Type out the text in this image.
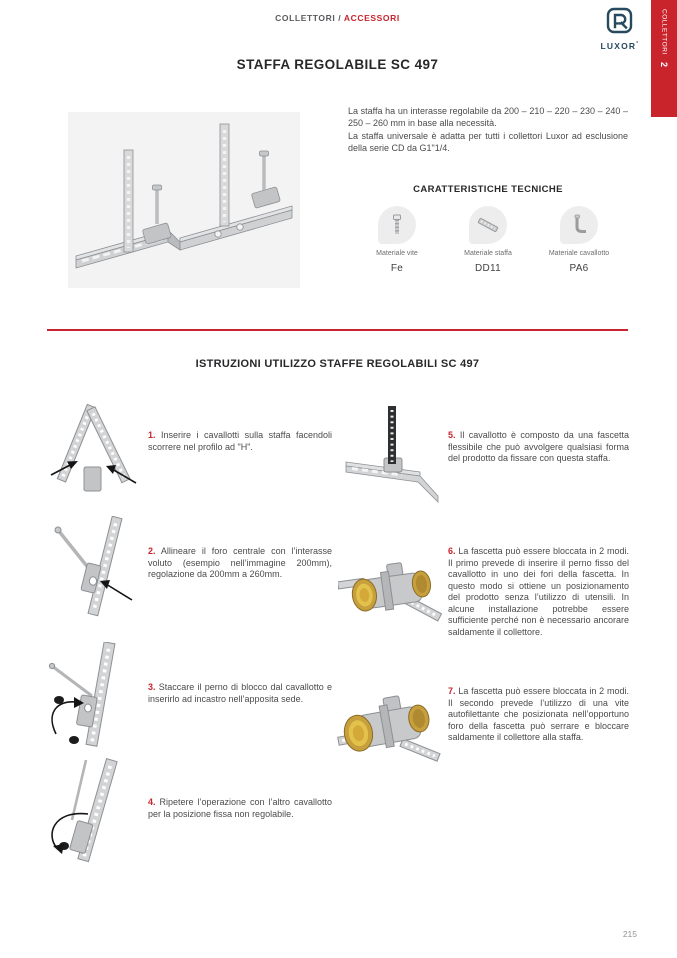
COLLETTORI / ACCESSORI
LUXOR°	COLLETTORI
2
STAFFA REGOLABILE SC 497

La staffa ha un interasse regolabile da 200 – 210 – 220 – 230 – 240 – 250 – 260 mm in base alla necessità.

La staffa universale è adatta per tutti i collettori Luxor ad esclusione della serie CD da G1"1/4.

CARATTERISTICHE TECNICHE
Materiale vite
Fe
Materiale staffa
DD11
Materiale cavallotto
PA6
ISTRUZIONI UTILIZZO STAFFE REGOLABILI SC 497

1. Inserire i cavallotti sulla staffa facendoli scorrere nel profilo ad "H".

2. Allineare il foro centrale con l’interasse voluto (esempio nell’immagine 200mm), regolazione da 200mm a 260mm.

3. Staccare il perno di blocco dal cavallotto e inserirlo ad incastro nell’apposita sede.

4. Ripetere l’operazione con l’altro cavallotto per la posizione fissa non regolabile.

5. Il cavallotto è composto da una fascetta flessibile che può avvolgere qualsiasi forma del prodotto da fissare con questa staffa.

6. La fascetta può essere bloccata in 2 modi. Il primo prevede di inserire il perno fisso del cavallotto in uno dei fori della fascetta. In questo modo si ottiene un posizionamento del prodotto senza l’utilizzo di utensili. In alcune installazione potrebbe essere sufficiente perché non è necessario ancorare saldamente il collettore.

7. La fascetta può essere bloccata in 2 modi. Il secondo prevede l’utilizzo di una vite autofilettante che posizionata nell’opportuno foro della fascetta può serrare e bloccare saldamente il collettore alla staffa.

215
